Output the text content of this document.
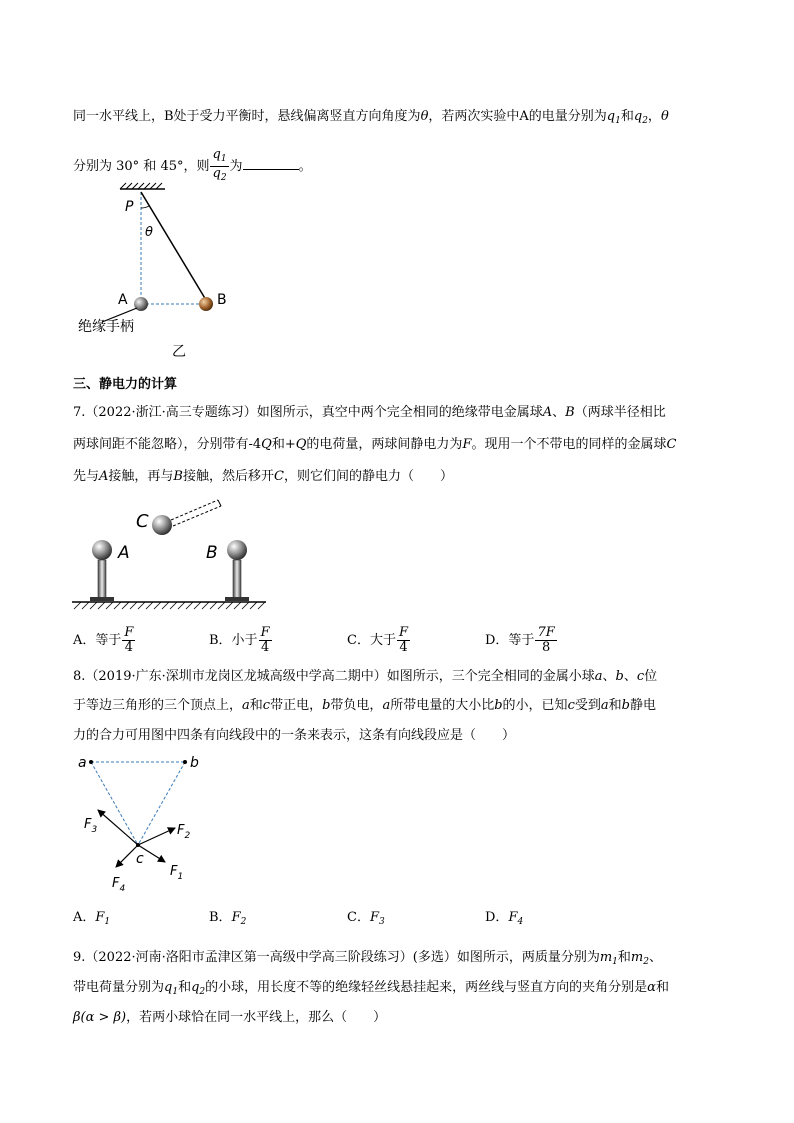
同一水平线上，B处于受力平衡时，悬线偏离竖直方向角度为θ，若两次实验中A的电量分别为$q_1$和$q_2$，θ
分别为 30° 和 45°，则 $\frac{q_1}{q_2}$ 为	。
P
θ
A	B
绝缘手柄
乙
三、静电力的计算
7.（2022·浙江·高三专题练习）如图所示，真空中两个完全相同的绝缘带电金属球A、B（两球半径相比
两球间距不能忽略），分别带有-4Q和+Q的电荷量，两球间静电力为F。现用一个不带电的同样的金属球C
先与A接触，再与B接触，然后移开C，则它们间的静电力（　　）
C
A	B
A．等于 $\frac{F}{4}$	B．小于 $\frac{F}{4}$	C．大于 $\frac{F}{4}$	D．等于 $\frac{7F}{8}$
8.（2019·广东·深圳市龙岗区龙城高级中学高二期中）如图所示，三个完全相同的金属小球a、b、c位
于等边三角形的三个顶点上，a和c带正电，b带负电，a所带电量的大小比b的小，已知c受到a和b静电
力的合力可用图中四条有向线段中的一条来表示，这条有向线段应是（　　）
a	b
c
$F_3$	$F_2$
$F_1$
$F_4$
A．$F_1$	B．$F_2$	C．$F_3$	D．$F_4$
9.（2022·河南·洛阳市孟津区第一高级中学高三阶段练习）(多选）如图所示，两质量分别为$m_1$和$m_2$、
带电荷量分别为$q_1$和$q_2$的小球，用长度不等的绝缘轻丝线悬挂起来，两丝线与竖直方向的夹角分别是α和
β(α > β)，若两小球恰在同一水平线上，那么（　　）
